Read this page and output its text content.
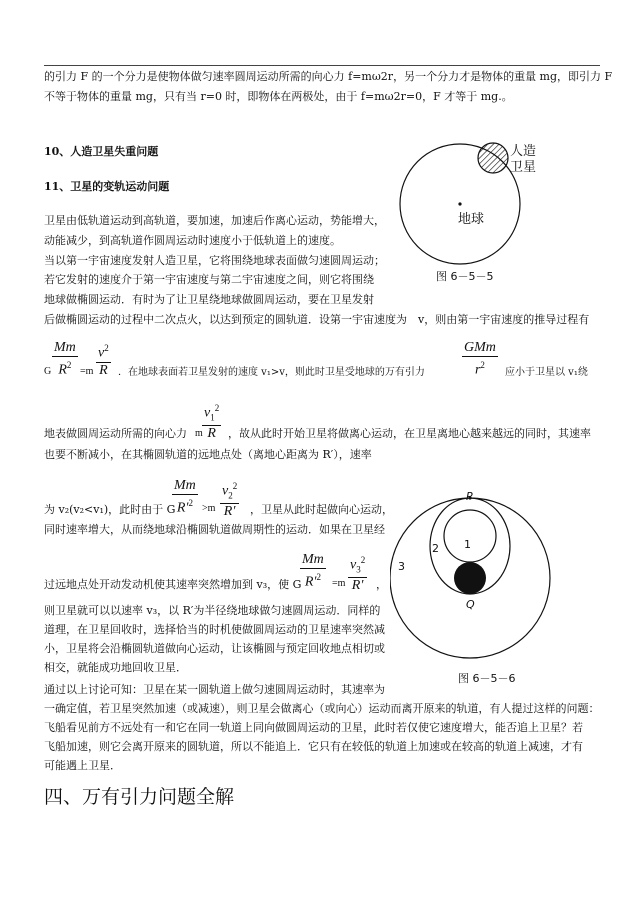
的引力 F 的一个分力是使物体做匀速率圆周运动所需的向心力 f=mω2r，另一个分力才是物体的重量 mg，即引力 F
不等于物体的重量 mg，只有当 r=0 时，即物体在两极处，由于 f=mω2r=0，F 才等于 mg.。
10、人造卫星失重问题
11、卫星的变轨运动问题
卫星由低轨道运动到高轨道，要加速，加速后作离心运动，势能增大，
动能减少，到高轨道作圆周运动时速度小于低轨道上的速度。
当以第一宇宙速度发射人造卫星，它将围绕地球表面做匀速圆周运动；
若它发射的速度介于第一宇宙速度与第二宇宙速度之间，则它将围绕
地球做椭圆运动．有时为了让卫星绕地球做圆周运动，要在卫星发射
后做椭圆运动的过程中二次点火，以达到预定的圆轨道．设第一宇宙速度为　v，则由第一宇宙速度的推导过程有
G $\frac{Mm}{R^2} =m \frac{v^2}{R}$ ．在地球表面若卫星发射的速度 v₁>v，则此时卫星受地球的万有引力
GMm
$r^2$
应小于卫星以 v₁绕
地表做圆周运动所需的向心力 m $\frac{v_1^2}{R}$ ，故从此时开始卫星将做离心运动，在卫星离地心越来越远的同时，其速率
也要不断减小，在其椭圆轨道的远地点处（离地心距离为 R′），速率
为 v₂(v₂<v₁)，此时由于 G
$\frac{Mm}{R'^2} >m \frac{v_2^2}{R'}$ ，卫星从此时起做向心运动，
同时速率增大，从而绕地球沿椭圆轨道做周期性的运动．如果在卫星经
过远地点处开动发动机使其速率突然增加到 v₃，使 G
$\frac{Mm}{R'^2} =m \frac{v_3^2}{R'}$ ，
则卫星就可以以速率 v₃，以 R′为半径绕地球做匀速圆周运动．同样的
道理，在卫星回收时，选择恰当的时机使做圆周运动的卫星速率突然减
小，卫星将会沿椭圆轨道做向心运动，让该椭圆与预定回收地点相切或
相交，就能成功地回收卫星．
通过以上讨论可知：卫星在某一圆轨道上做匀速圆周运动时，其速率为
一确定值，若卫星突然加速（或减速），则卫星会做离心（或向心）运动而离开原来的轨道，有人提过这样的问题：
飞船看见前方不远处有一和它在同一轨道上同向做圆周运动的卫星，此时若仅使它速度增大，能否追上卫星？若
飞船加速，则它会离开原来的圆轨道，所以不能追上．它只有在较低的轨道上加速或在较高的轨道上减速，才有
可能遇上卫星．
四、万有引力问题全解
人造
卫星
地球
图 6－5－5
P
Q
1
2
3
图 6－5－6
